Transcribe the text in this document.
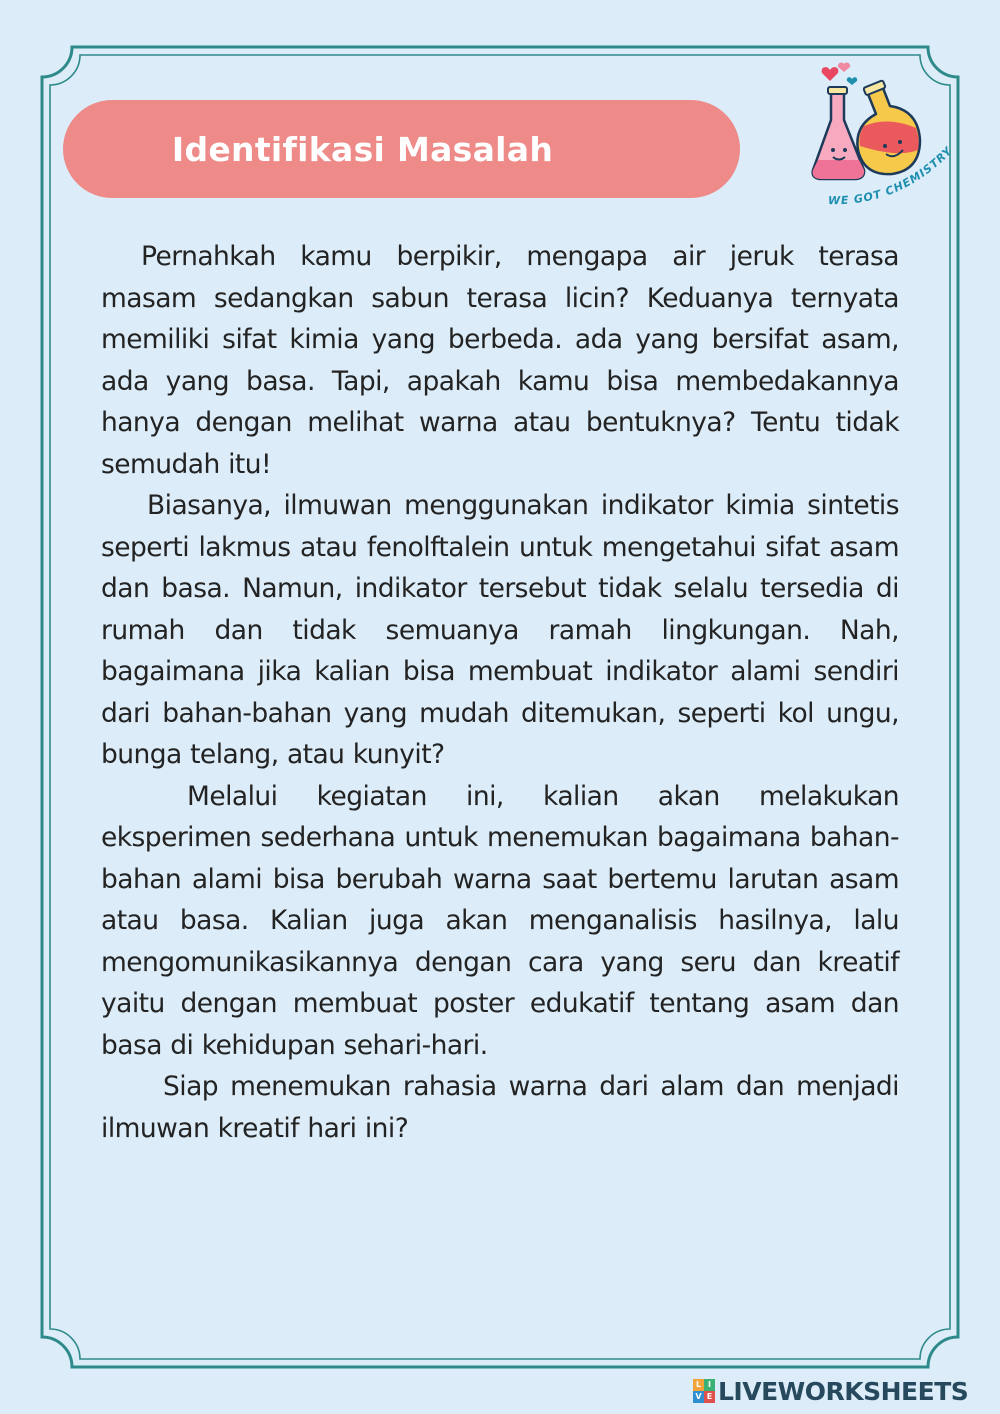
Identifikasi Masalah
WE GOT CHEMISTRY

Pernahkah kamu berpikir, mengapa air jeruk terasa masam sedangkan sabun terasa licin? Keduanya ternyata memiliki sifat kimia yang berbeda. ada yang bersifat asam, ada yang basa. Tapi, apakah kamu bisa membedakannya hanya dengan melihat warna atau bentuknya? Tentu tidak semudah itu!

Biasanya, ilmuwan menggunakan indikator kimia sintetis seperti lakmus atau fenolftalein untuk mengetahui sifat asam dan basa. Namun, indikator tersebut tidak selalu tersedia di rumah dan tidak semuanya ramah lingkungan. Nah, bagaimana jika kalian bisa membuat indikator alami sendiri dari bahan-bahan yang mudah ditemukan, seperti kol ungu, bunga telang, atau kunyit?

Melalui kegiatan ini, kalian akan melakukan eksperimen sederhana untuk menemukan bagaimana bahan-bahan alami bisa berubah warna saat bertemu larutan asam atau basa. Kalian juga akan menganalisis hasilnya, lalu mengomunikasikannya dengan cara yang seru dan kreatif yaitu dengan membuat poster edukatif tentang asam dan basa di kehidupan sehari-hari.

Siap menemukan rahasia warna dari alam dan menjadi ilmuwan kreatif hari ini?

L I
V E LIVEWORKSHEETS
